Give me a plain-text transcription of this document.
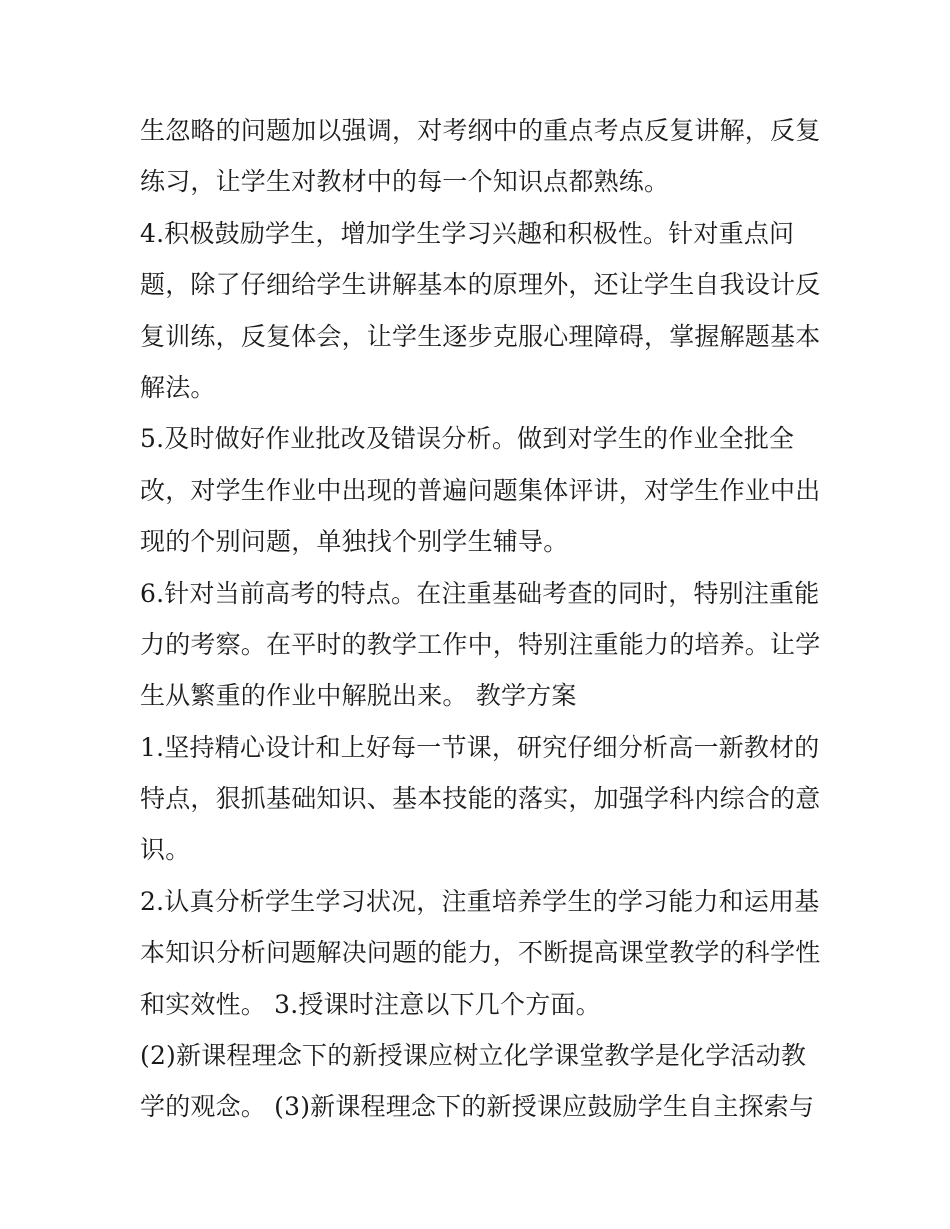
生忽略的问题加以强调，对考纲中的重点考点反复讲解，反复
练习，让学生对教材中的每一个知识点都熟练。
4.积极鼓励学生，增加学生学习兴趣和积极性。针对重点问
题，除了仔细给学生讲解基本的原理外，还让学生自我设计反
复训练，反复体会，让学生逐步克服心理障碍，掌握解题基本
解法。
5.及时做好作业批改及错误分析。做到对学生的作业全批全
改，对学生作业中出现的普遍问题集体评讲，对学生作业中出
现的个别问题，单独找个别学生辅导。
6.针对当前高考的特点。在注重基础考查的同时，特别注重能
力的考察。在平时的教学工作中，特别注重能力的培养。让学
生从繁重的作业中解脱出来。 教学方案
1.坚持精心设计和上好每一节课，研究仔细分析高一新教材的
特点，狠抓基础知识、基本技能的落实，加强学科内综合的意
识。
2.认真分析学生学习状况，注重培养学生的学习能力和运用基
本知识分析问题解决问题的能力，不断提高课堂教学的科学性
和实效性。 3.授课时注意以下几个方面。
(2)新课程理念下的新授课应树立化学课堂教学是化学活动教
学的观念。 (3)新课程理念下的新授课应鼓励学生自主探索与
